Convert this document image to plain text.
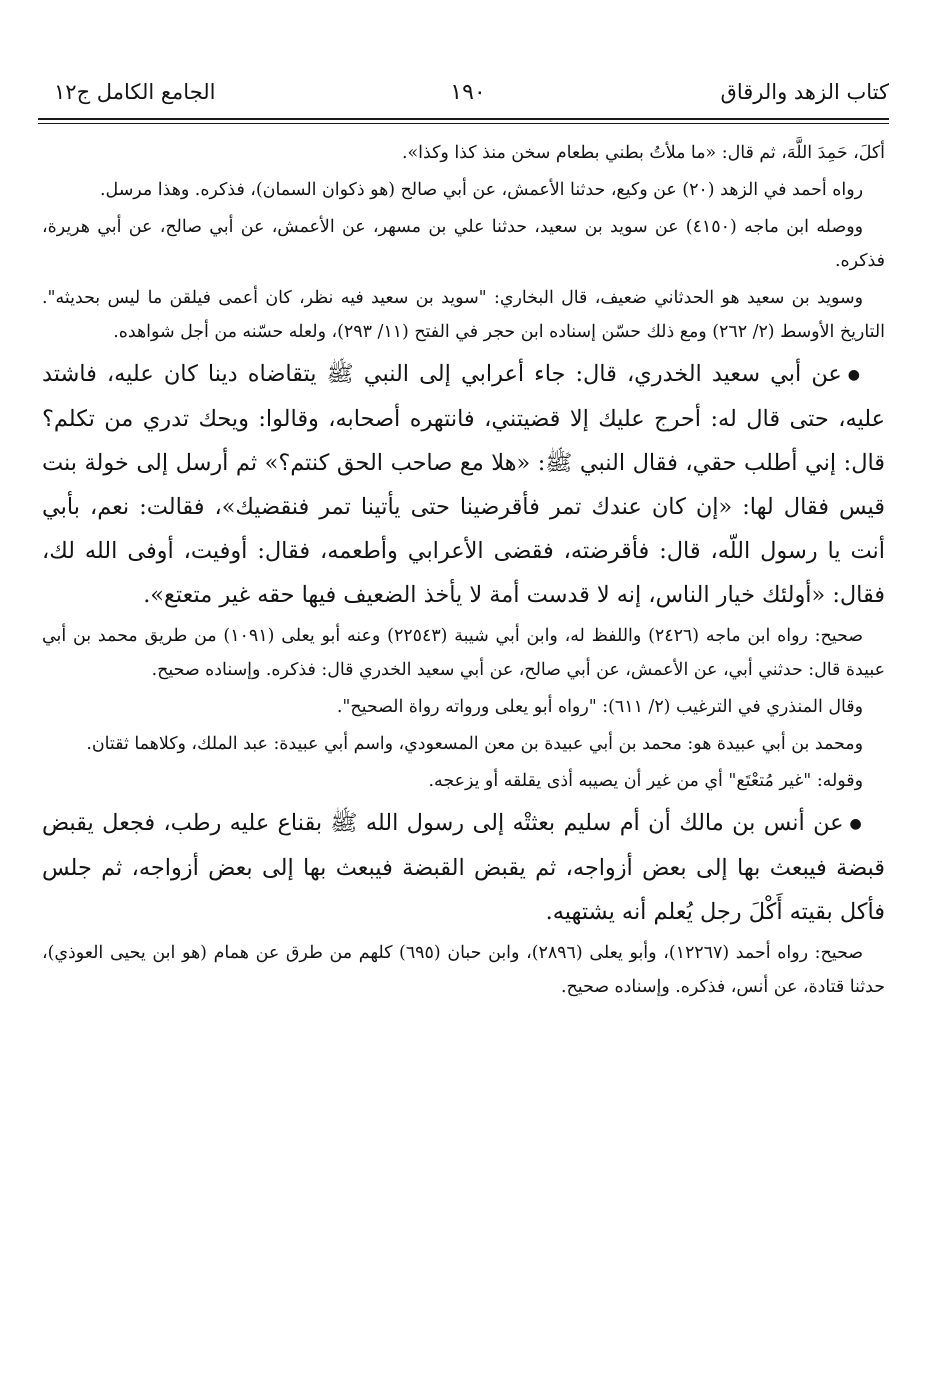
كتاب الزهد والرقاق
١٩٠
الجامع الكامل ج١٢

أكلَ، حَمِدَ اللَّهَ، ثم قال: «ما ملأتُ بطني بطعام سخن منذ كذا وكذا».

رواه أحمد في الزهد (٢٠) عن وكيع، حدثنا الأعمش، عن أبي صالح (هو ذكوان السمان)، فذكره. وهذا مرسل.

ووصله ابن ماجه (٤١٥٠) عن سويد بن سعيد، حدثنا علي بن مسهر، عن الأعمش، عن أبي صالح، عن أبي هريرة، فذكره.

وسويد بن سعيد هو الحدثاني ضعيف، قال البخاري: "سويد بن سعيد فيه نظر، كان أعمى فيلقن ما ليس بحديثه". التاريخ الأوسط (٢/ ٢٦٢) ومع ذلك حسّن إسناده ابن حجر في الفتح (١١/ ٢٩٣)، ولعله حسّنه من أجل شواهده.

●عن أبي سعيد الخدري، قال: جاء أعرابي إلى النبي ﷺ يتقاضاه دينا كان عليه، فاشتد عليه، حتى قال له: أحرج عليك إلا قضيتني، فانتهره أصحابه، وقالوا: ويحك تدري من تكلم؟ قال: إني أطلب حقي، فقال النبي ﷺ: «هلا مع صاحب الحق كنتم؟» ثم أرسل إلى خولة بنت قيس فقال لها: «إن كان عندك تمر فأقرضينا حتى يأتينا تمر فنقضيك»، فقالت: نعم، بأبي أنت يا رسول اللّه، قال: فأقرضته، فقضى الأعرابي وأطعمه، فقال: أوفيت، أوفى الله لك، فقال: «أولئك خيار الناس، إنه لا قدست أمة لا يأخذ الضعيف فيها حقه غير متعتع».

صحيح: رواه ابن ماجه (٢٤٢٦) واللفظ له، وابن أبي شيبة (٢٢٥٤٣) وعنه أبو يعلى (١٠٩١) من طريق محمد بن أبي عبيدة قال: حدثني أبي، عن الأعمش، عن أبي صالح، عن أبي سعيد الخدري قال: فذكره. وإسناده صحيح.

وقال المنذري في الترغيب (٢/ ٦١١): "رواه أبو يعلى ورواته رواة الصحيح".

ومحمد بن أبي عبيدة هو: محمد بن أبي عبيدة بن معن المسعودي، واسم أبي عبيدة: عبد الملك، وكلاهما ثقتان.

وقوله: "غير مُتعْتَع" أي من غير أن يصيبه أذى يقلقه أو يزعجه.

●عن أنس بن مالك أن أم سليم بعثتْه إلى رسول الله ﷺ بقناع عليه رطب، فجعل يقبض قبضة فيبعث بها إلى بعض أزواجه، ثم يقبض القبضة فيبعث بها إلى بعض أزواجه، ثم جلس فأكل بقيته أَكْلَ رجل يُعلم أنه يشتهيه.

صحيح: رواه أحمد (١٢٢٦٧)، وأبو يعلى (٢٨٩٦)، وابن حبان (٦٩٥) كلهم من طرق عن همام (هو ابن يحيى العوذي)، حدثنا قتادة، عن أنس، فذكره. وإسناده صحيح.
